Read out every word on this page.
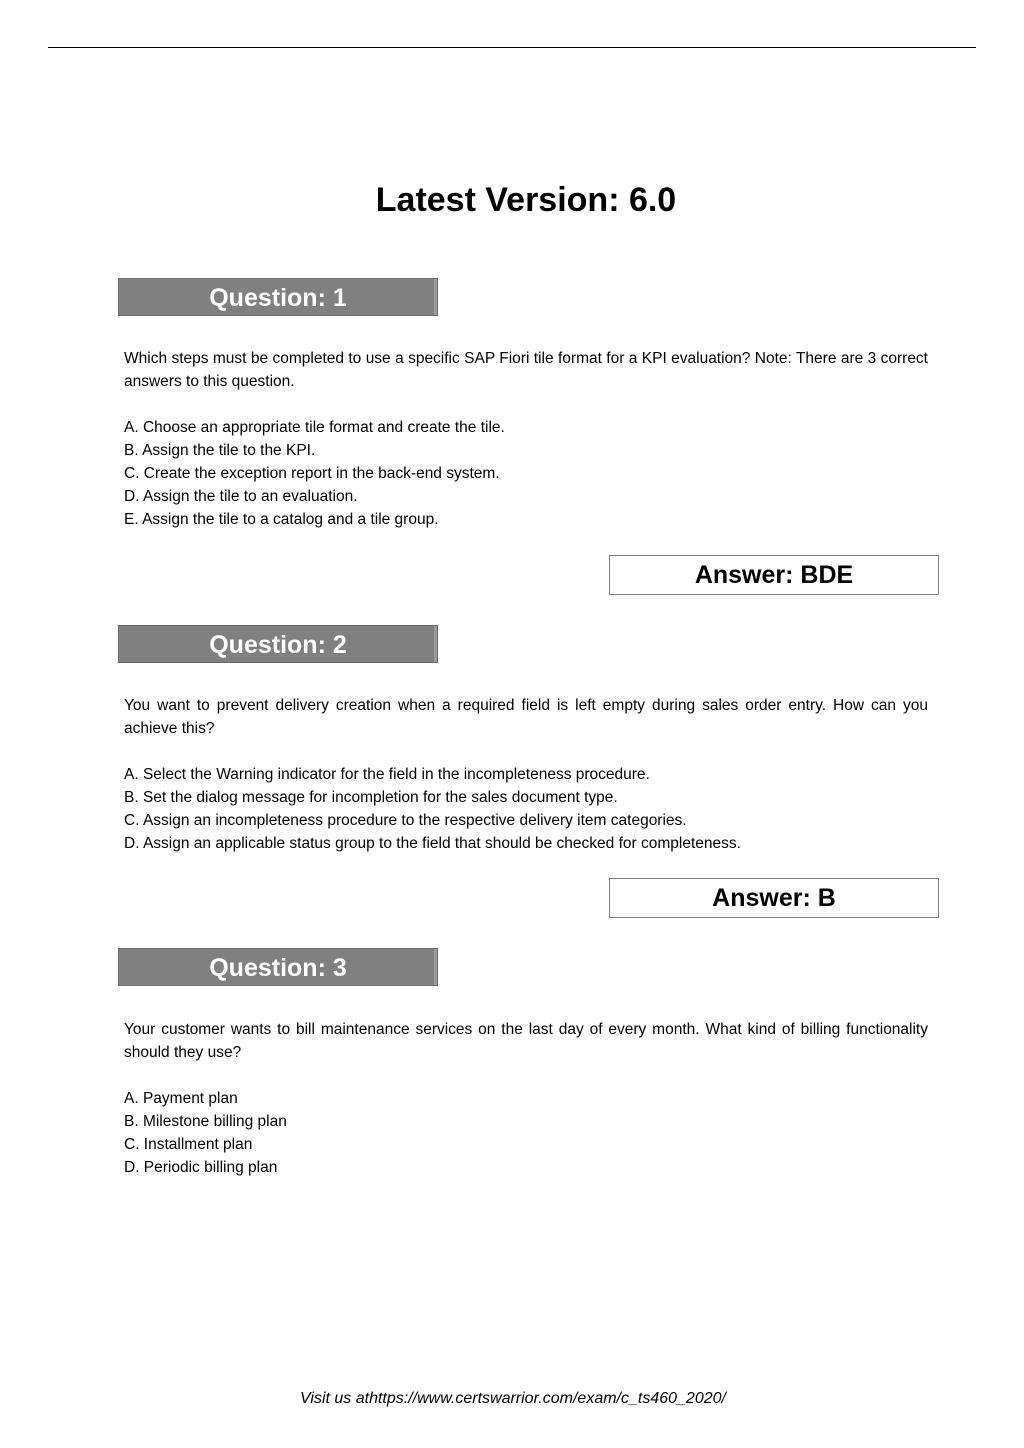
Latest Version: 6.0
Question: 1

Which steps must be completed to use a specific SAP Fiori tile format for a KPI evaluation? Note: There are 3 correct answers to this question.

A. Choose an appropriate tile format and create the tile.
B. Assign the tile to the KPI.
C. Create the exception report in the back-end system.
D. Assign the tile to an evaluation.
E. Assign the tile to a catalog and a tile group.
Answer: BDE
Question: 2

You want to prevent delivery creation when a required field is left empty during sales order entry. How can you achieve this?

A. Select the Warning indicator for the field in the incompleteness procedure.
B. Set the dialog message for incompletion for the sales document type.
C. Assign an incompleteness procedure to the respective delivery item categories.
D. Assign an applicable status group to the field that should be checked for completeness.
Answer: B
Question: 3

Your customer wants to bill maintenance services on the last day of every month. What kind of billing functionality should they use?

A. Payment plan
B. Milestone billing plan
C. Installment plan
D. Periodic billing plan
Visit us athttps://www.certswarrior.com/exam/c_ts460_2020/
